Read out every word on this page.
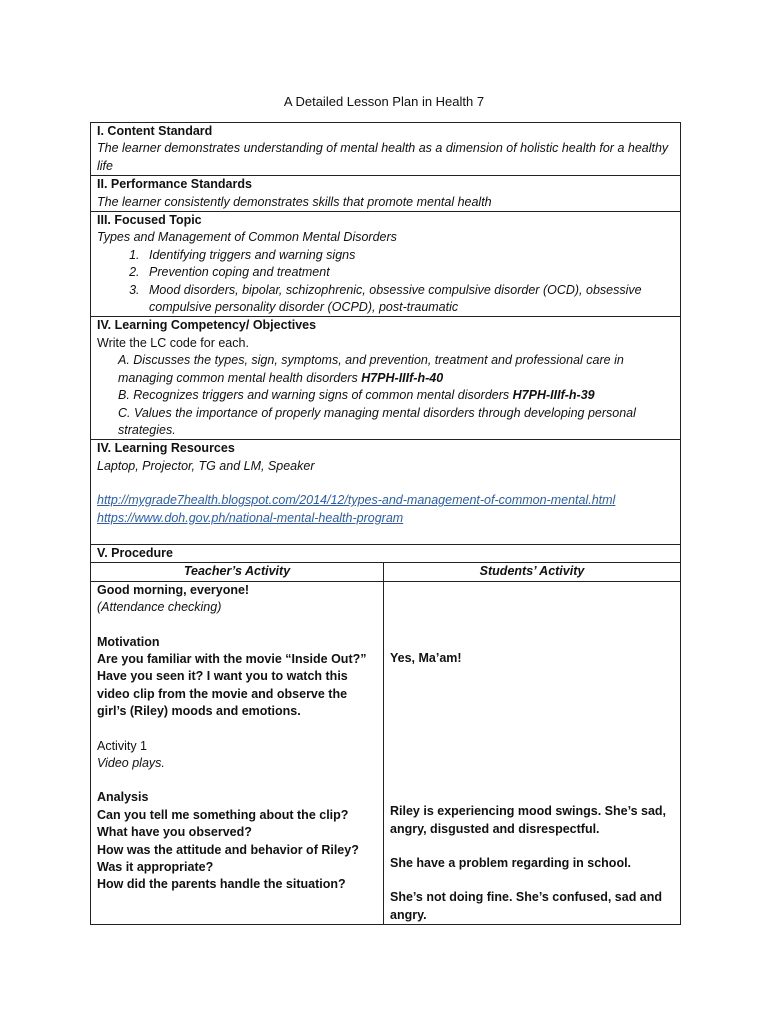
A Detailed Lesson Plan in Health 7
I. Content Standard
The learner demonstrates understanding of mental health as a dimension of holistic health for a healthy life
II. Performance Standards
The learner consistently demonstrates skills that promote mental health
III. Focused Topic
Types and Management of Common Mental Disorders
1. Identifying triggers and warning signs
2. Prevention coping and treatment
3. Mood disorders, bipolar, schizophrenic, obsessive compulsive disorder (OCD), obsessive compulsive personality disorder (OCPD), post-traumatic
IV. Learning Competency/ Objectives
Write the LC code for each.
A. Discusses the types, sign, symptoms, and prevention, treatment and professional care in managing common mental health disorders H7PH-IIIf-h-40
B. Recognizes triggers and warning signs of common mental disorders H7PH-IIIf-h-39
C. Values the importance of properly managing mental disorders through developing personal strategies.
IV. Learning Resources
Laptop, Projector, TG and LM, Speaker
http://mygrade7health.blogspot.com/2014/12/types-and-management-of-common-mental.html
https://www.doh.gov.ph/national-mental-health-program
V. Procedure
Teacher’s Activity	Students’ Activity
Good morning, everyone!
(Attendance checking)
Motivation
Are you familiar with the movie “Inside Out?” Have you seen it? I want you to watch this video clip from the movie and observe the girl’s (Riley) moods and emotions.
Activity 1
Video plays.
Analysis
Can you tell me something about the clip?
What have you observed?
How was the attitude and behavior of Riley?
Was it appropriate?
How did the parents handle the situation?
Yes, Ma’am!
Riley is experiencing mood swings. She’s sad, angry, disgusted and disrespectful.
She have a problem regarding in school.
She’s not doing fine. She’s confused, sad and angry.
